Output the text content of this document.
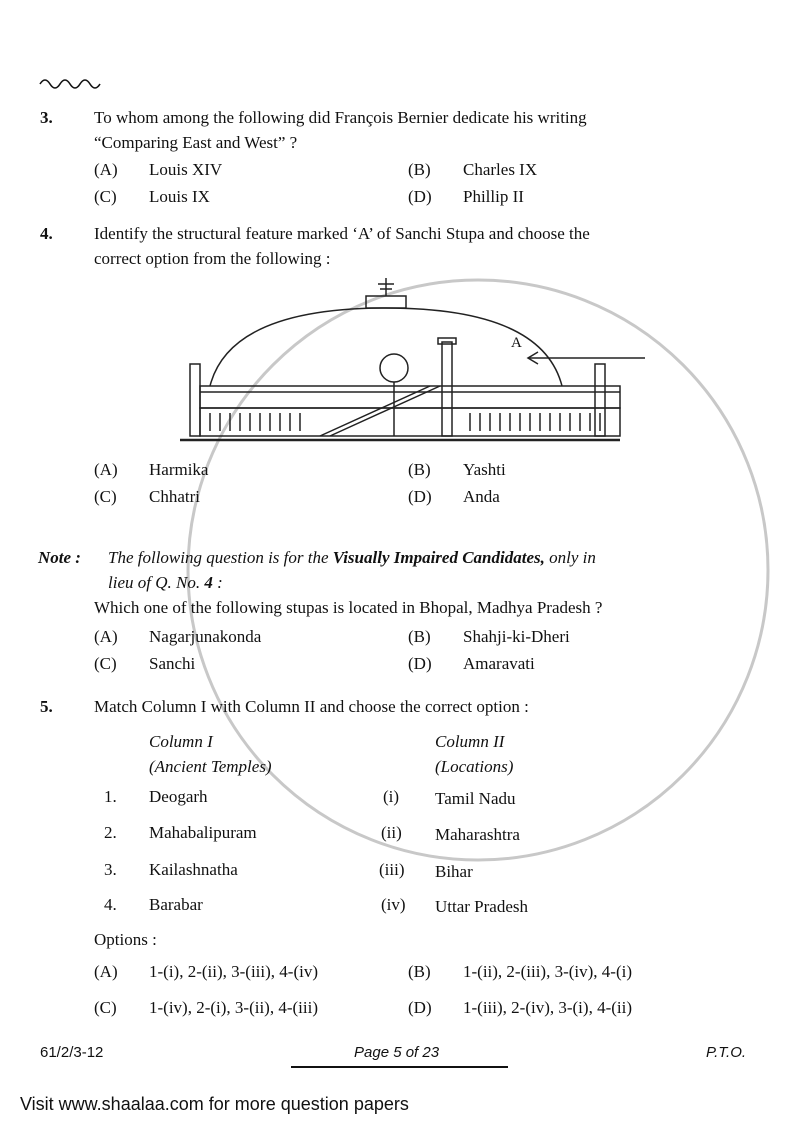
3. To whom among the following did François Bernier dedicate his writing
“Comparing East and West” ?
(A) Louis XIV	(B) Charles IX
(C) Louis IX	(D) Phillip II
4. Identify the structural feature marked ‘A’ of Sanchi Stupa and choose the
correct option from the following :
A
(A) Harmika	(B) Yashti
(C) Chhatri	(D) Anda
Note : The following question is for the Visually Impaired Candidates, only in
lieu of Q. No. 4 :
Which one of the following stupas is located in Bhopal, Madhya Pradesh ?
(A) Nagarjunakonda	(B) Shahji-ki-Dheri
(C) Sanchi	(D) Amaravati
5. Match Column I with Column II and choose the correct option :
Column I
(Ancient Temples)
Column II
(Locations)
1. Deogarh	(i) Tamil Nadu
2. Mahabalipuram	(ii) Maharashtra
3. Kailashnatha	(iii) Bihar
4. Barabar	(iv) Uttar Pradesh
Options :
(A) 1-(i), 2-(ii), 3-(iii), 4-(iv)	(B) 1-(ii), 2-(iii), 3-(iv), 4-(i)
(C) 1-(iv), 2-(i), 3-(ii), 4-(iii)	(D) 1-(iii), 2-(iv), 3-(i), 4-(ii)
61/2/3-12	Page 5 of 23	P.T.O.
Visit www.shaalaa.com for more question papers
